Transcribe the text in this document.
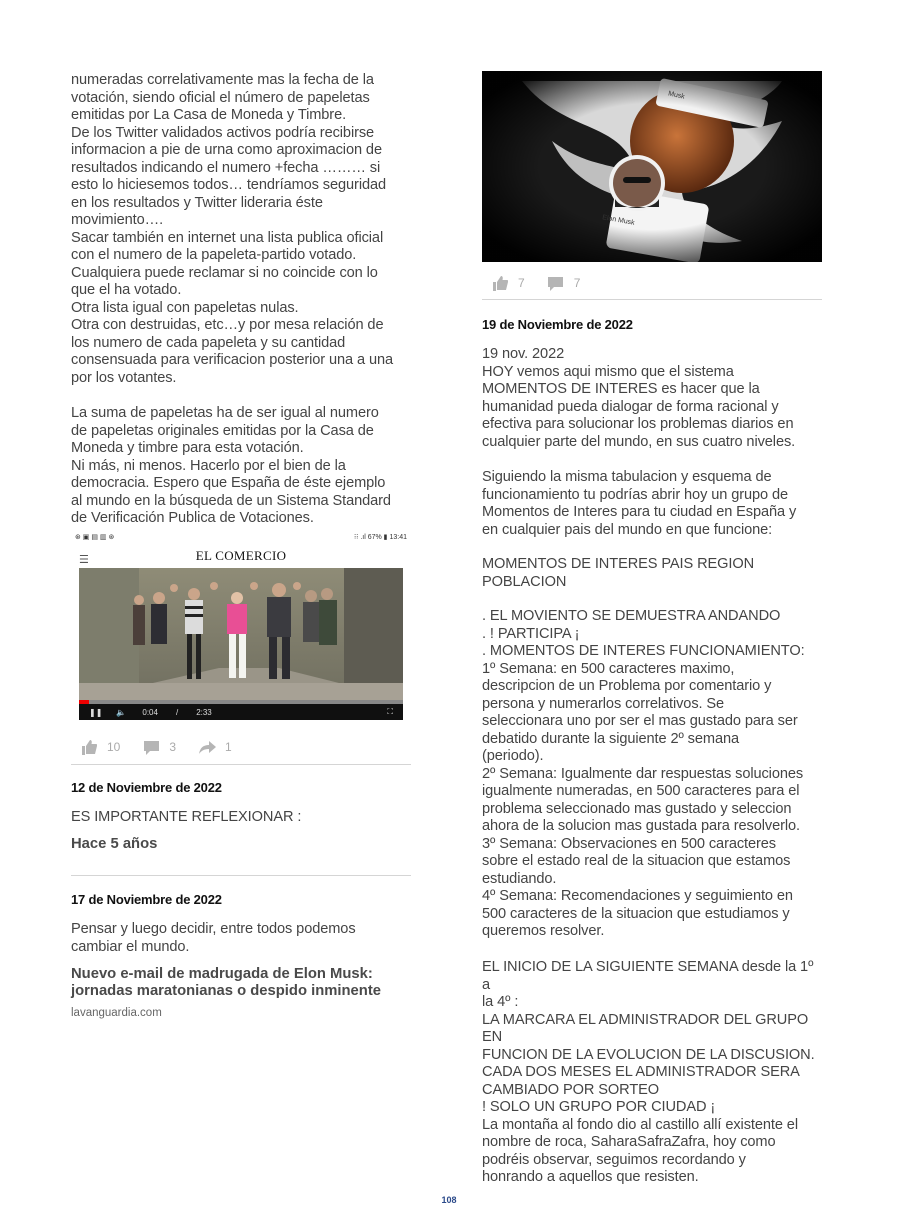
numeradas correlativamente mas la fecha de la
votación, siendo oficial el número de papeletas
emitidas por La Casa de Moneda y Timbre.
De los Twitter validados activos podría recibirse
informacion a pie de urna como aproximacion de
resultados indicando el numero +fecha ……… si
esto lo hiciesemos todos… tendríamos seguridad
en los resultados y Twitter lideraria éste
movimiento….
Sacar también en internet una lista publica oficial
con el numero de la papeleta-partido votado.
Cualquiera puede reclamar si no coincide con lo
que el ha votado.
Otra lista igual con papeletas nulas.
Otra con destruidas, etc…y por mesa relación de
los numero de cada papeleta y su cantidad
consensuada para verificacion posterior una a una
por los votantes.
La suma de papeletas ha de ser igual al numero
de papeletas originales emitidas por la Casa de
Moneda y timbre para esta votación.
Ni más, ni menos. Hacerlo por el bien de la
democracia. Espero que España de éste ejemplo
al mundo en la búsqueda de un Sistema Standard
de Verificación Publica de Votaciones.
⊛ ▣ ▤ ▥ ⊛	⁝⁝ .ıl 67% ▮ 13:41
☰	EL COMERCIO
❚❚ 🔈 0:04 / 2:33	⛶
10	3	1
12 de Noviembre de 2022
ES IMPORTANTE REFLEXIONAR :
Hace 5 años
17 de Noviembre de 2022
Pensar y luego decidir, entre todos podemos
cambiar el mundo.
Nuevo e-mail de madrugada de Elon Musk:
jornadas maratonianas o despido inminente
lavanguardia.com
Elon Musk
Musk
7	7
19 de Noviembre de 2022
19 nov. 2022
HOY vemos aqui mismo que el sistema
MOMENTOS DE INTERES es hacer que la
humanidad pueda dialogar de forma racional y
efectiva para solucionar los problemas diarios en
cualquier parte del mundo, en sus cuatro niveles.
Siguiendo la misma tabulacion y esquema de
funcionamiento tu podrías abrir hoy un grupo de
Momentos de Interes para tu ciudad en España y
en cualquier pais del mundo en que funcione:
MOMENTOS DE INTERES PAIS REGION
POBLACION
. EL MOVIENTO SE DEMUESTRA ANDANDO
. ! PARTICIPA ¡
. MOMENTOS DE INTERES FUNCIONAMIENTO:
1º Semana: en 500 caracteres maximo,
descripcion de un Problema por comentario y
persona y numerarlos correlativos. Se
seleccionara uno por ser el mas gustado para ser
debatido durante la siguiente 2º semana
(periodo).
2º Semana: Igualmente dar respuestas soluciones
igualmente numeradas, en 500 caracteres para el
problema seleccionado mas gustado y seleccion
ahora de la solucion mas gustada para resolverlo.
3º Semana: Observaciones en 500 caracteres
sobre el estado real de la situacion que estamos
estudiando.
4º Semana: Recomendaciones y seguimiento en
500 caracteres de la situacion que estudiamos y
queremos resolver.
EL INICIO DE LA SIGUIENTE SEMANA desde la 1º a
la 4º :
LA MARCARA EL ADMINISTRADOR DEL GRUPO EN
FUNCION DE LA EVOLUCION DE LA DISCUSION.
CADA DOS MESES EL ADMINISTRADOR SERA
CAMBIADO POR SORTEO
! SOLO UN GRUPO POR CIUDAD ¡
La montaña al fondo dio al castillo allí existente el
nombre de roca, SaharaSafraZafra, hoy como
podréis observar, seguimos recordando y
honrando a aquellos que resisten.
108
